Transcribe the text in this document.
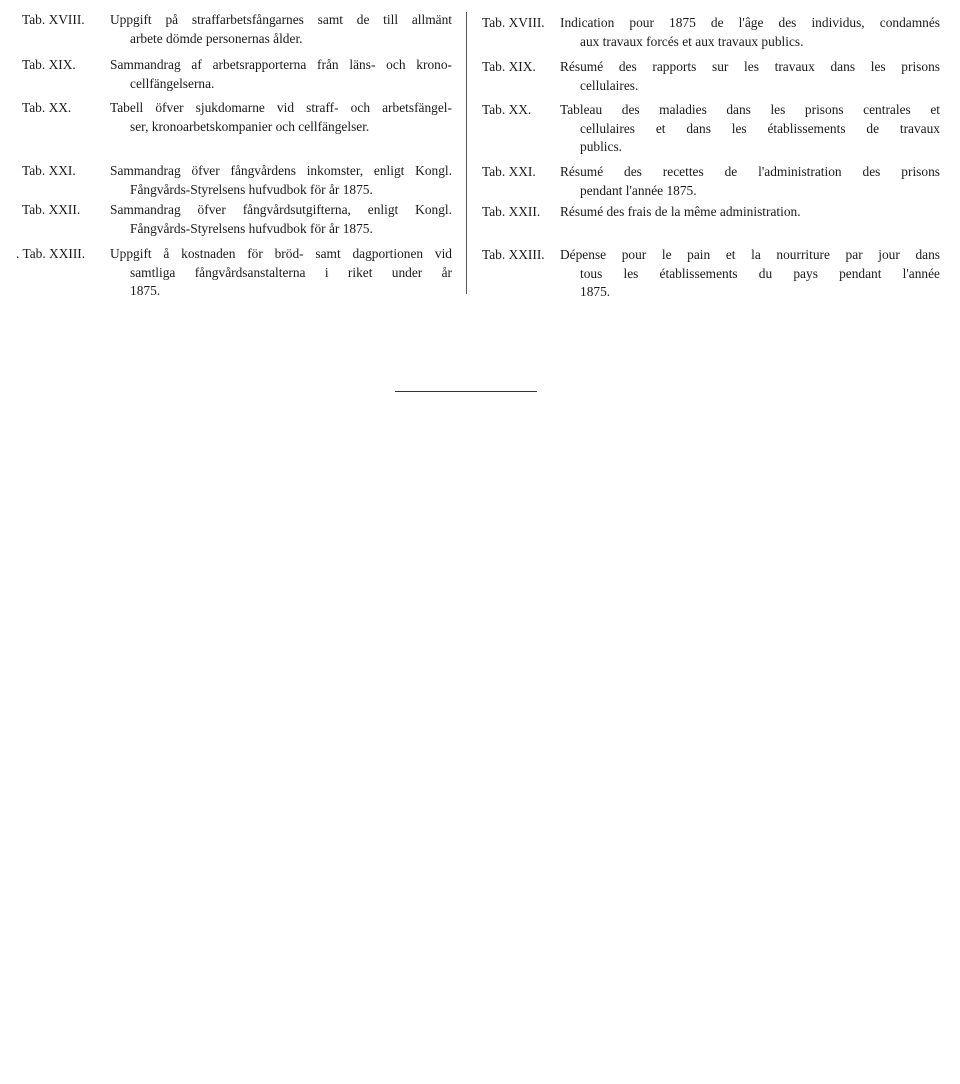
Tab. XVIII. Uppgift på straffarbetsfångarnes samt de till allmänt
arbete dömde personernas ålder.
Tab. XIX.	Sammandrag af arbetsrapporterna från läns- och krono-
cellfängelserna.
Tab. XX.	Tabell öfver sjukdomarne vid straff- och arbetsfängel-
ser, kronoarbetskompanier och cellfängelser.
Tab. XXI.	Sammandrag öfver fångvårdens inkomster, enligt Kongl.
Fångvårds-Styrelsens hufvudbok för år 1875.
Tab. XXII. Sammandrag öfver fångvårdsutgifterna, enligt Kongl.
Fångvårds-Styrelsens hufvudbok för år 1875.
. Tab. XXIII. Uppgift å kostnaden för bröd- samt dagportionen vid
samtliga fångvårdsanstalterna i riket under år
1875.
Tab. XVIII. Indication pour 1875 de l'âge des individus, condamnés
aux travaux forcés et aux travaux publics.
Tab. XIX. Résumé des rapports sur les travaux dans les prisons
cellulaires.
Tab. XX. Tableau des maladies dans les prisons centrales et
cellulaires et dans les établissements de travaux
publics.
Tab. XXI. Résumé des recettes de l'administration des prisons
pendant l'année 1875.
Tab. XXII. Résumé des frais de la même administration.
Tab. XXIII. Dépense pour le pain et la nourriture par jour dans
tous les établissements du pays pendant l'année
1875.
